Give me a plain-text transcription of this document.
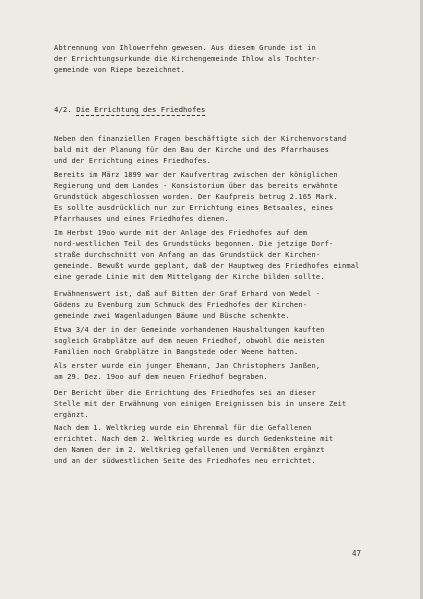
Abtrennung von Ihlowerfehn gewesen. Aus diesem Grunde ist in
der Errichtungsurkunde die Kirchengemeinde Ihlow als Tochter-
gemeinde von Riepe bezeichnet.
4/2. Die Errichtung des Friedhofes
Neben den finanziellen Fragen beschäftigte sich der Kirchenvorstand
bald mit der Planung für den Bau der Kirche und des Pfarrhauses
und der Errichtung eines Friedhofes.
Bereits im März 1899 war der Kaufvertrag zwischen der königlichen
Regierung und dem Landes - Konsistorium über das bereits erwähnte
Grundstück abgeschlossen worden. Der Kaufpreis betrug 2.165 Mark.
Es sollte ausdrücklich nur zur Errichtung eines Betsaales, eines
Pfarrhauses und eines Friedhofes dienen.
Im Herbst 19oo wurde mit der Anlage des Friedhofes auf dem
nord-westlichen Teil des Grundstücks begonnen. Die jetzige Dorf-
straße durchschnitt von Anfang an das Grundstück der Kirchen-
gemeinde. Bewußt wurde geplant, daß der Hauptweg des Friedhofes einmal
eine gerade Linie mit dem Mittelgang der Kirche bilden sollte.
Erwähnenswert ist, daß auf Bitten der Graf Erhard von Wedel -
Gödens zu Evenburg zum Schmuck des Friedhofes der Kirchen-
gemeinde zwei Wagenladungen Bäume und Büsche schenkte.
Etwa 3/4 der in der Gemeinde vorhandenen Haushaltungen kauften
sogleich Grabplätze auf dem neuen Friedhof, obwohl die meisten
Familien noch Grabplätze in Bangstede oder Weene hatten.
Als erster wurde ein junger Ehemann, Jan Christophers Janßen,
am 29. Dez. 19oo auf dem neuen Friedhof begraben.
Der Bericht über die Errichtung des Friedhofes sei an dieser
Stelle mit der Erwähnung von einigen Ereignissen bis in unsere Zeit
ergänzt.
Nach dem 1. Weltkrieg wurde ein Ehrenmal für die Gefallenen
errichtet. Nach dem 2. Weltkrieg wurde es durch Gedenksteine mit
den Namen der im 2. Weltkrieg gefallenen und Vermißten ergänzt
und an der südwestlichen Seite des Friedhofes neu errichtet.
47
